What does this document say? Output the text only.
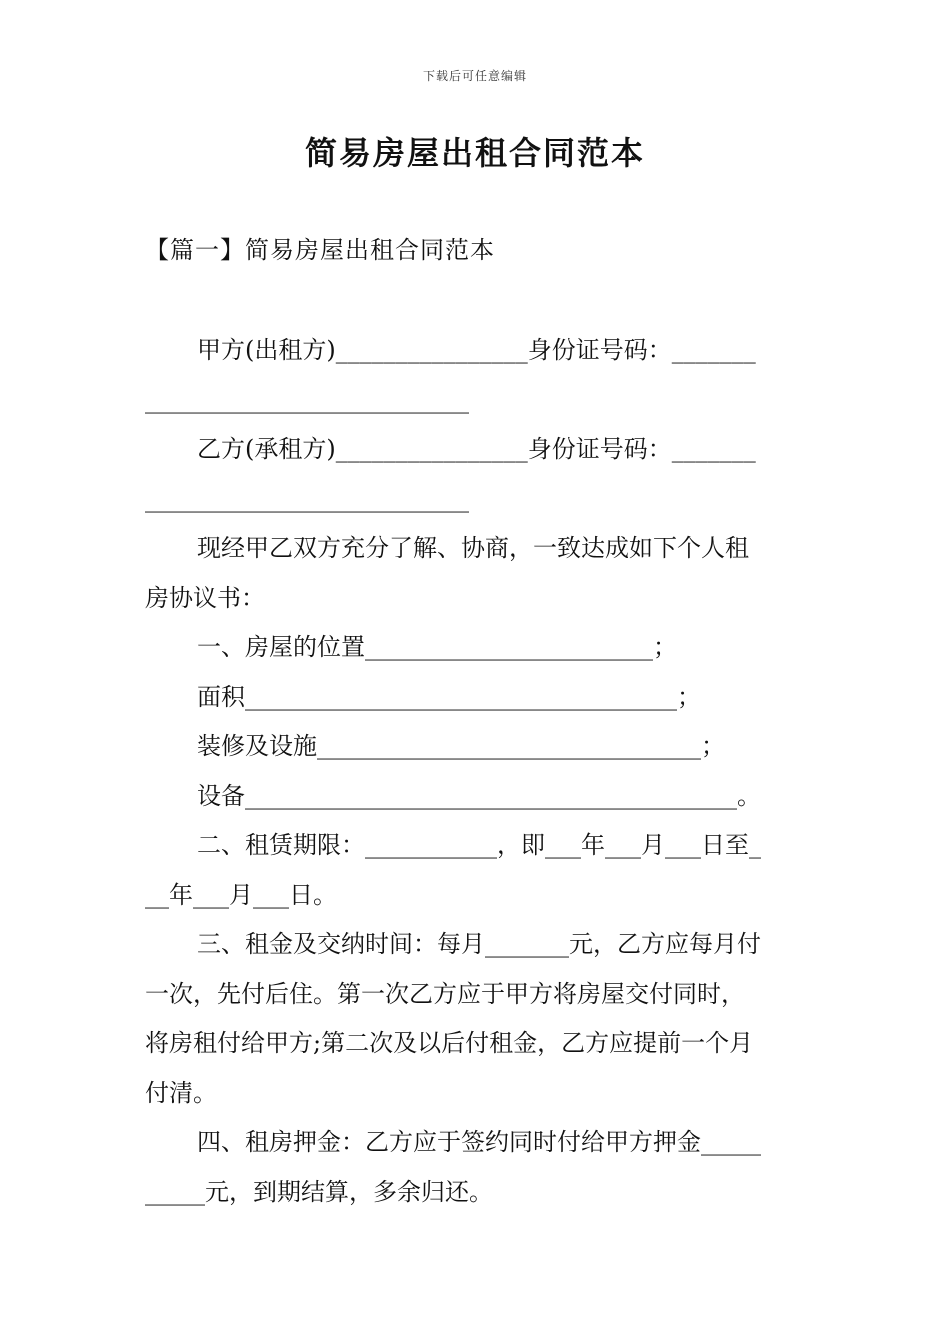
下载后可任意编辑
简易房屋出租合同范本
【篇一】简易房屋出租合同范本
甲方(出租方)________________身份证号码：_______
___________________________
乙方(承租方)________________身份证号码：_______
___________________________
现经甲乙双方充分了解、协商，一致达成如下个人租
房协议书：
一、房屋的位置________________________；
面积____________________________________；
装修及设施________________________________；
设备_________________________________________。
二、租赁期限：___________，即___年___月___日至_
__年___月___日。
三、租金及交纳时间：每月_______元，乙方应每月付
一次，先付后住。第一次乙方应于甲方将房屋交付同时，
将房租付给甲方;第二次及以后付租金，乙方应提前一个月
付清。
四、租房押金：乙方应于签约同时付给甲方押金_____
_____元，到期结算，多余归还。
